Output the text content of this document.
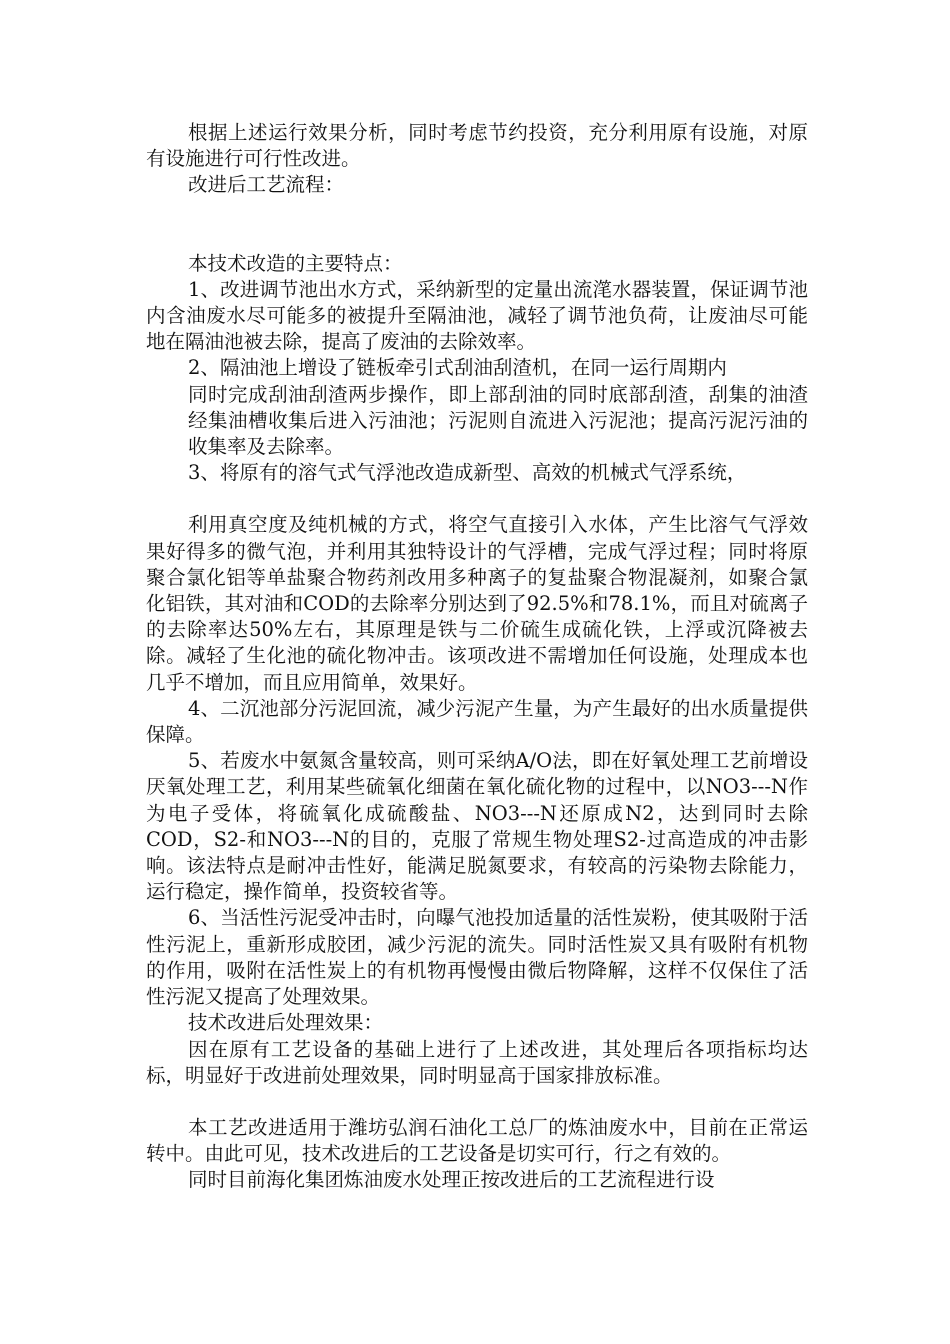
根据上述运行效果分析，同时考虑节约投资，充分利用原有设施，对原有设施进行可行性改进。

改进后工艺流程：

本技术改造的主要特点：

1、改进调节池出水方式，采纳新型的定量出流滗水器装置，保证调节池内含油废水尽可能多的被提升至隔油池，减轻了调节池负荷，让废油尽可能地在隔油池被去除，提高了废油的去除效率。

2、隔油池上增设了链板牵引式刮油刮渣机，在同一运行周期内

同时完成刮油刮渣两步操作，即上部刮油的同时底部刮渣，刮集的油渣经集油槽收集后进入污油池；污泥则自流进入污泥池；提高污泥污油的收集率及去除率。

3、将原有的溶气式气浮池改造成新型、高效的机械式气浮系统，

利用真空度及纯机械的方式，将空气直接引入水体，产生比溶气气浮效果好得多的微气泡，并利用其独特设计的气浮槽，完成气浮过程；同时将原聚合氯化铝等单盐聚合物药剂改用多种离子的复盐聚合物混凝剂，如聚合氯化铝铁，其对油和COD的去除率分别达到了92.5%和78.1%，而且对硫离子的去除率达50%左右，其原理是铁与二价硫生成硫化铁，上浮或沉降被去除。减轻了生化池的硫化物冲击。该项改进不需增加任何设施，处理成本也几乎不增加，而且应用简单，效果好。

4、二沉池部分污泥回流，减少污泥产生量，为产生最好的出水质量提供保障。

5、若废水中氨氮含量较高，则可采纳A/O法，即在好氧处理工艺前增设厌氧处理工艺，利用某些硫氧化细菌在氧化硫化物的过程中，以NO3---N作为电子受体，将硫氧化成硫酸盐、NO3---N还原成N2，达到同时去除COD，S2-和NO3---N的目的，克服了常规生物处理S2-过高造成的冲击影响。该法特点是耐冲击性好，能满足脱氮要求，有较高的污染物去除能力，运行稳定，操作简单，投资较省等。

6、当活性污泥受冲击时，向曝气池投加适量的活性炭粉，使其吸附于活性污泥上，重新形成胶团，减少污泥的流失。同时活性炭又具有吸附有机物的作用，吸附在活性炭上的有机物再慢慢由微后物降解，这样不仅保住了活性污泥又提高了处理效果。

技术改进后处理效果：

因在原有工艺设备的基础上进行了上述改进，其处理后各项指标均达标，明显好于改进前处理效果，同时明显高于国家排放标准。

本工艺改进适用于潍坊弘润石油化工总厂的炼油废水中，目前在正常运转中。由此可见，技术改进后的工艺设备是切实可行，行之有效的。

同时目前海化集团炼油废水处理正按改进后的工艺流程进行设
